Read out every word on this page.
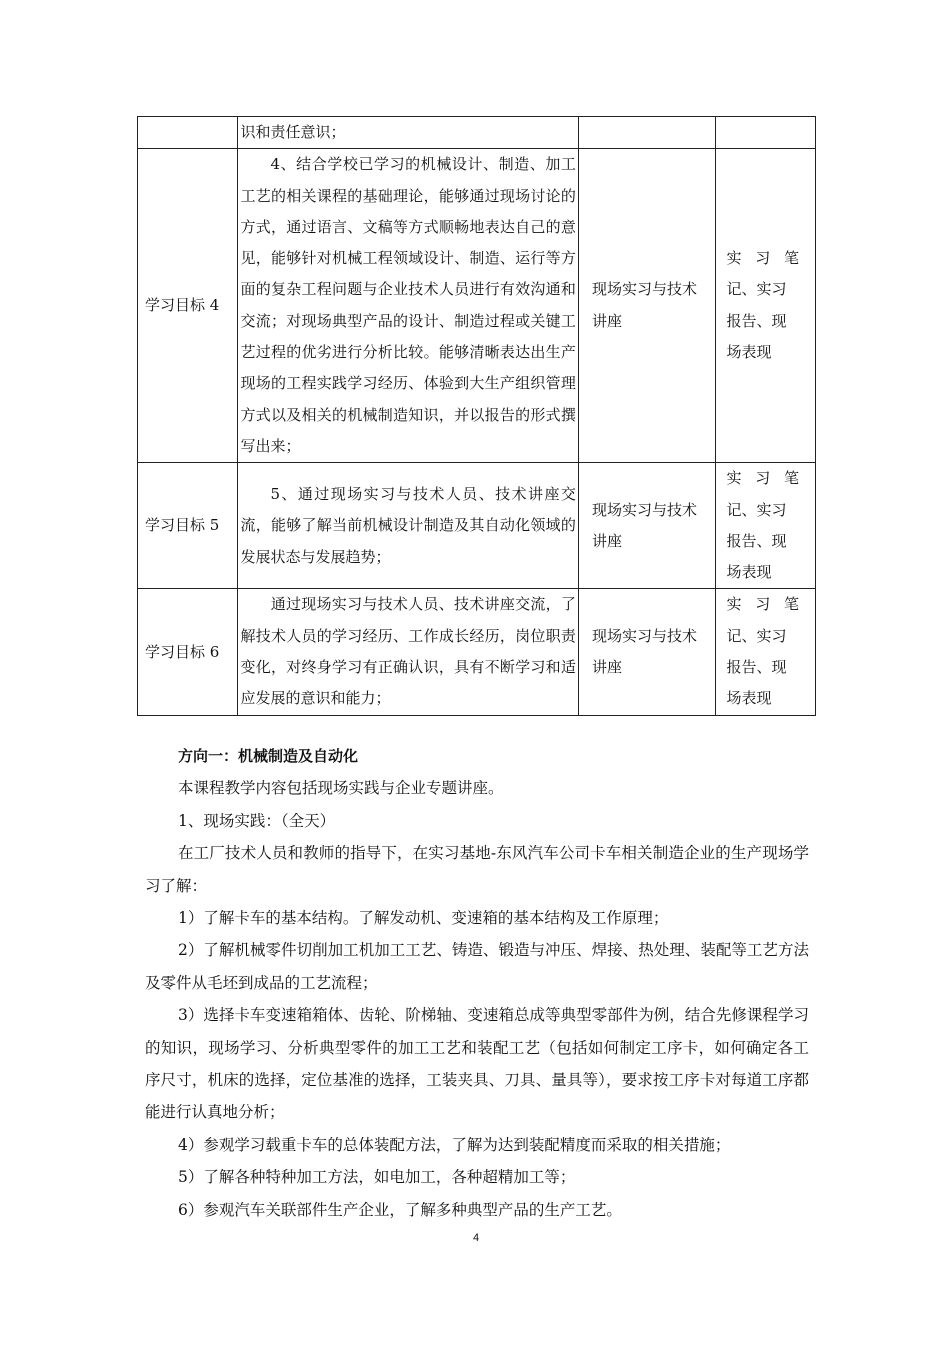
	识和责任意识；		
学习目标 4	4、结合学校已学习的机械设计、制造、加工工艺的相关课程的基础理论，能够通过现场讨论的方式，通过语言、文稿等方式顺畅地表达自己的意见，能够针对机械工程领域设计、制造、运行等方面的复杂工程问题与企业技术人员进行有效沟通和交流；对现场典型产品的设计、制造过程或关键工艺过程的优劣进行分析比较。能够清晰表达出生产现场的工程实践学习经历、体验到大生产组织管理方式以及相关的机械制造知识，并以报告的形式撰写出来；	现场实习与技术讲座	实习笔
记、实习
报告、现
场表现

学习目标 5	5、通过现场实习与技术人员、技术讲座交流，能够了解当前机械设计制造及其自动化领域的发展状态与发展趋势；	现场实习与技术讲座	实习笔
记、实习
报告、现
场表现

学习目标 6	通过现场实习与技术人员、技术讲座交流，了解技术人员的学习经历、工作成长经历，岗位职责变化，对终身学习有正确认识，具有不断学习和适应发展的意识和能力；	现场实习与技术讲座	实习笔
记、实习
报告、现
场表现

方向一：机械制造及自动化

本课程教学内容包括现场实践与企业专题讲座。

1、现场实践：（全天）

在工厂技术人员和教师的指导下，在实习基地-东风汽车公司卡车相关制造企业的生产现场学习了解：

1）了解卡车的基本结构。了解发动机、变速箱的基本结构及工作原理；

2）了解机械零件切削加工机加工工艺、铸造、锻造与冲压、焊接、热处理、装配等工艺方法及零件从毛坯到成品的工艺流程；

3）选择卡车变速箱箱体、齿轮、阶梯轴、变速箱总成等典型零部件为例，结合先修课程学习的知识，现场学习、分析典型零件的加工工艺和装配工艺（包括如何制定工序卡，如何确定各工序尺寸，机床的选择，定位基准的选择，工装夹具、刀具、量具等），要求按工序卡对每道工序都能进行认真地分析；

4）参观学习载重卡车的总体装配方法，了解为达到装配精度而采取的相关措施；

5）了解各种特种加工方法，如电加工，各种超精加工等；

6）参观汽车关联部件生产企业，了解多种典型产品的生产工艺。

4
